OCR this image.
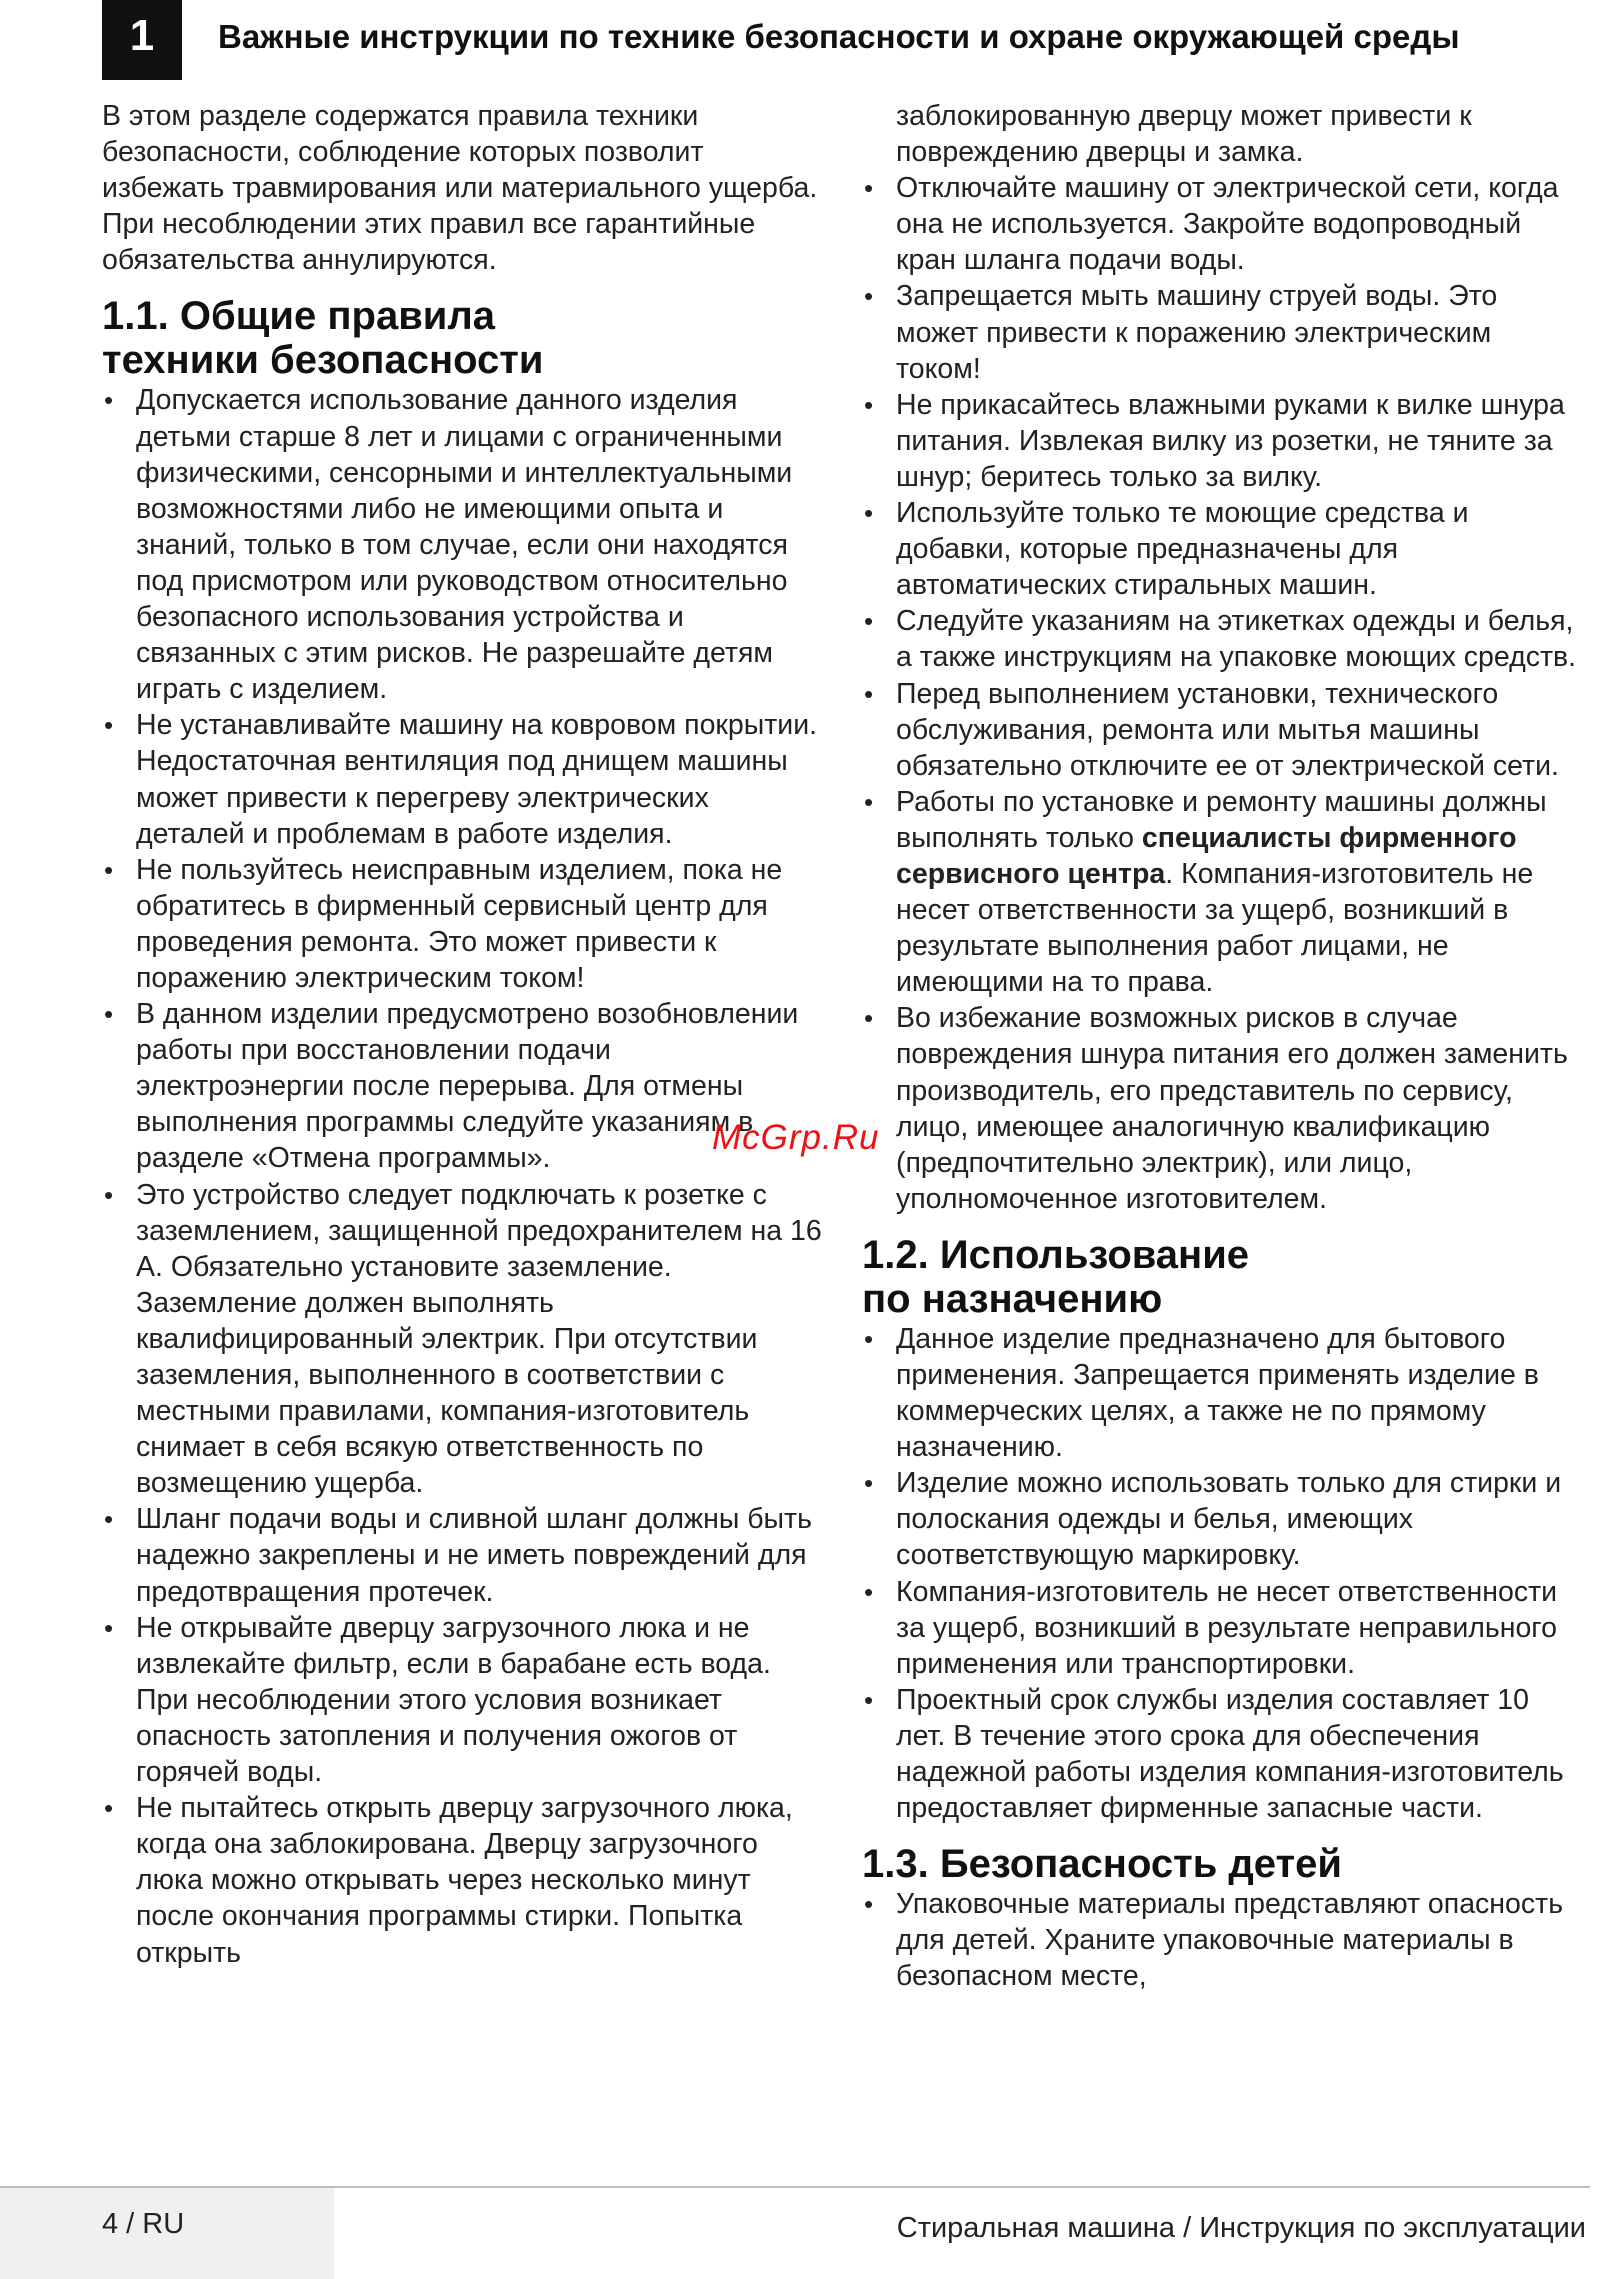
1	Важные инструкции по технике безопасности и охране окружающей среды

В этом разделе содержатся правила техники безопасности, соблюдение которых позволит избежать травмирования или материального ущерба. При несоблюдении этих правил все гарантийные обязательства аннулируются.

1.1. Общие правила
техники безопасности
• Допускается использование данного изделия детьми старше 8 лет и лицами с ограниченными физическими, сенсорными и интеллектуальными возможностями либо не имеющими опыта и знаний, только в том случае, если они находятся под присмотром или руководством относительно безопасного использования устройства и связанных с этим рисков. Не разрешайте детям играть с изделием.
• Не устанавливайте машину на ковровом покрытии. Недостаточная вентиляция под днищем машины может привести к перегреву электрических деталей и проблемам в работе изделия.
• Не пользуйтесь неисправным изделием, пока не обратитесь в фирменный сервисный центр для проведения ремонта. Это может привести к поражению электрическим током!
• В данном изделии предусмотрено возобновлении работы при восстановлении подачи электроэнергии после перерыва. Для отмены выполнения программы следуйте указаниям в разделе «Отмена программы».
• Это устройство следует подключать к розетке с заземлением, защищенной предохранителем на 16 А. Обязательно установите заземление. Заземление должен выполнять квалифицированный электрик. При отсутствии заземления, выполненного в соответствии с местными правилами, компания-изготовитель снимает в себя всякую ответственность по возмещению ущерба.
• Шланг подачи воды и сливной шланг должны быть надежно закреплены и не иметь повреждений для предотвращения протечек.
• Не открывайте дверцу загрузочного люка и не извлекайте фильтр, если в барабане есть вода. При несоблюдении этого условия возникает опасность затопления и получения ожогов от горячей воды.
• Не пытайтесь открыть дверцу загрузочного люка, когда она заблокирована. Дверцу загрузочного люка можно открывать через несколько минут после окончания программы стирки. Попытка открыть
заблокированную дверцу может привести к повреждению дверцы и замка.
• Отключайте машину от электрической сети, когда она не используется. Закройте водопроводный кран шланга подачи воды.
• Запрещается мыть машину струей воды. Это может привести к поражению электрическим током!
• Не прикасайтесь влажными руками к вилке шнура питания. Извлекая вилку из розетки, не тяните за шнур; беритесь только за вилку.
• Используйте только те моющие средства и добавки, которые предназначены для автоматических стиральных машин.
• Следуйте указаниям на этикетках одежды и белья, а также инструкциям на упаковке моющих средств.
• Перед выполнением установки, технического обслуживания, ремонта или мытья машины обязательно отключите ее от электрической сети.
• Работы по установке и ремонту машины должны выполнять только специалисты фирменного сервисного центра. Компания-изготовитель не несет ответственности за ущерб, возникший в результате выполнения работ лицами, не имеющими на то права.
• Во избежание возможных рисков в случае повреждения шнура питания его должен заменить производитель, его представитель по сервису, лицо, имеющее аналогичную квалификацию (предпочтительно электрик), или лицо, уполномоченное изготовителем.
1.2. Использование
по назначению
• Данное изделие предназначено для бытового применения. Запрещается применять изделие в коммерческих целях, а также не по прямому назначению.
• Изделие можно использовать только для стирки и полоскания одежды и белья, имеющих соответствующую маркировку.
• Компания-изготовитель не несет ответственности за ущерб, возникший в результате неправильного применения или транспортировки.
• Проектный срок службы изделия составляет 10 лет. В течение этого срока для обеспечения надежной работы изделия компания-изготовитель предоставляет фирменные запасные части.
1.3. Безопасность детей
• Упаковочные материалы представляют опасность для детей. Храните упаковочные материалы в безопасном месте,
McGrp.Ru
4 / RU	Стиральная машина / Инструкция по эксплуатации
